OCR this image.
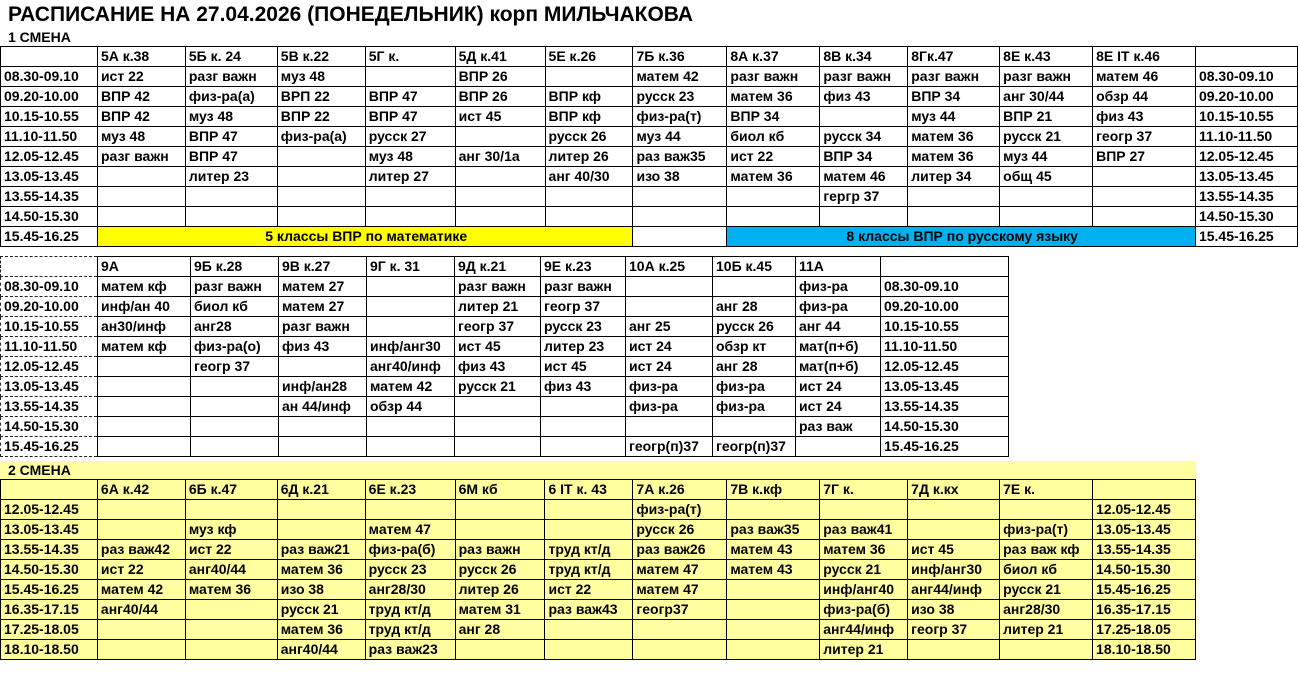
РАСПИСАНИЕ НА 27.04.2026 (ПОНЕДЕЛЬНИК) корп МИЛЬЧАКОВА
1 СМЕНА
	5А к.38	5Б к. 24	5В к.22	5Г к.	5Д к.41	5Е к.26	7Б к.36	8А к.37	8В к.34	8Гк.47	8Е к.43	8Е IT к.46	
08.30-09.10	ист 22	разг важн	муз 48		ВПР 26		матем 42	разг важн	разг важн	разг важн	разг важн	матем 46	08.30-09.10
09.20-10.00	ВПР 42	физ-ра(а)	ВРП 22	ВПР 47	ВПР 26	ВПР кф	русск 23	матем 36	физ 43	ВПР 34	анг 30/44	обзр 44	09.20-10.00
10.15-10.55	ВПР 42	муз 48	ВПР 22	ВПР 47	ист 45	ВПР кф	физ-ра(т)	ВПР 34		муз 44	ВПР 21	физ 43	10.15-10.55
11.10-11.50	муз 48	ВПР 47	физ-ра(а)	русск 27		русск 26	муз 44	биол кб	русск 34	матем 36	русск 21	геогр 37	11.10-11.50
12.05-12.45	разг важн	ВПР 47		муз 48	анг 30/1а	литер 26	раз важ35	ист 22	ВПР 34	матем 36	муз 44	ВПР 27	12.05-12.45
13.05-13.45		литер 23		литер 27		анг 40/30	изо 38	матем 36	матем 46	литер 34	общ 45		13.05-13.45
13.55-14.35									гергр 37				13.55-14.35
14.50-15.30													14.50-15.30
15.45-16.25	5 классы ВПР по математике							8 классы ВПР по русскому языку					15.45-16.25
	9А	9Б к.28	9В к.27	9Г к. 31	9Д к.21	9Е к.23	10А к.25	10Б к.45	11А	
08.30-09.10	матем кф	разг важн	матем 27		разг важн	разг важн			физ-ра	08.30-09.10
09.20-10.00	инф/ан 40	биол кб	матем 27		литер 21	геогр 37		анг 28	физ-ра	09.20-10.00
10.15-10.55	ан30/инф	анг28	разг важн		геогр 37	русск 23	анг 25	русск 26	анг 44	10.15-10.55
11.10-11.50	матем кф	физ-ра(о)	физ 43	инф/анг30	ист 45	литер 23	ист 24	обзр кт	мат(п+б)	11.10-11.50
12.05-12.45		геогр 37		анг40/инф	физ 43	ист 45	ист 24	анг 28	мат(п+б)	12.05-12.45
13.05-13.45			инф/ан28	матем 42	русск 21	физ 43	физ-ра	физ-ра	ист 24	13.05-13.45
13.55-14.35			ан 44/инф	обзр 44			физ-ра	физ-ра	ист 24	13.55-14.35
14.50-15.30									раз важ	14.50-15.30
15.45-16.25							геогр(п)37	геогр(п)37		15.45-16.25
2 СМЕНА
	6А к.42	6Б к.47	6Д к.21	6Е к.23	6М кб	6 IT к. 43	7А к.26	7В к.кф	7Г к.	7Д к.кх	7Е к.	
12.05-12.45							физ-ра(т)					12.05-12.45
13.05-13.45		муз кф		матем 47			русск 26	раз важ35	раз важ41		физ-ра(т)	13.05-13.45
13.55-14.35	раз важ42	ист 22	раз важ21	физ-ра(б)	раз важн	труд кт/д	раз важ26	матем 43	матем 36	ист 45	раз важ кф	13.55-14.35
14.50-15.30	ист 22	анг40/44	матем 36	русск 23	русск 26	труд кт/д	матем 47	матем 43	русск 21	инф/анг30	биол кб	14.50-15.30
15.45-16.25	матем 42	матем 36	изо 38	анг28/30	литер 26	ист 22	матем 47		инф/анг40	анг44/инф	русск 21	15.45-16.25
16.35-17.15	анг40/44		русск 21	труд кт/д	матем 31	раз важ43	геогр37		физ-ра(б)	изо 38	анг28/30	16.35-17.15
17.25-18.05			матем 36	труд кт/д	анг 28				анг44/инф	геогр 37	литер 21	17.25-18.05
18.10-18.50			анг40/44	раз важ23					литер 21			18.10-18.50
